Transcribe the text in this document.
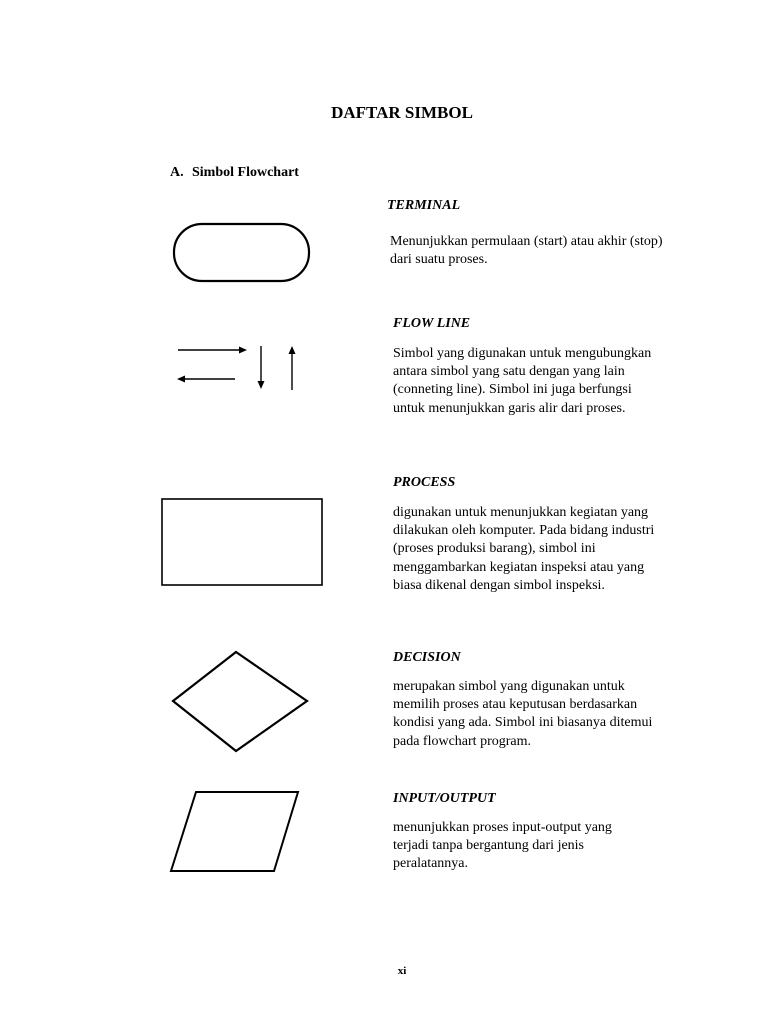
DAFTAR SIMBOL
A. Simbol Flowchart
TERMINAL
Menunjukkan permulaan (start) atau akhir (stop) dari suatu proses.
FLOW LINE
Simbol yang digunakan untuk mengubungkan antara simbol yang satu dengan yang lain (conneting line). Simbol ini juga berfungsi untuk menunjukkan garis alir dari proses.
PROCESS
digunakan untuk menunjukkan kegiatan yang dilakukan oleh komputer. Pada bidang industri (proses produksi barang), simbol ini menggambarkan kegiatan inspeksi atau yang biasa dikenal dengan simbol inspeksi.
DECISION
merupakan simbol yang digunakan untuk memilih proses atau keputusan berdasarkan kondisi yang ada. Simbol ini biasanya ditemui pada flowchart program.
INPUT/OUTPUT
menunjukkan proses input-output yang terjadi tanpa bergantung dari jenis peralatannya.
xi
